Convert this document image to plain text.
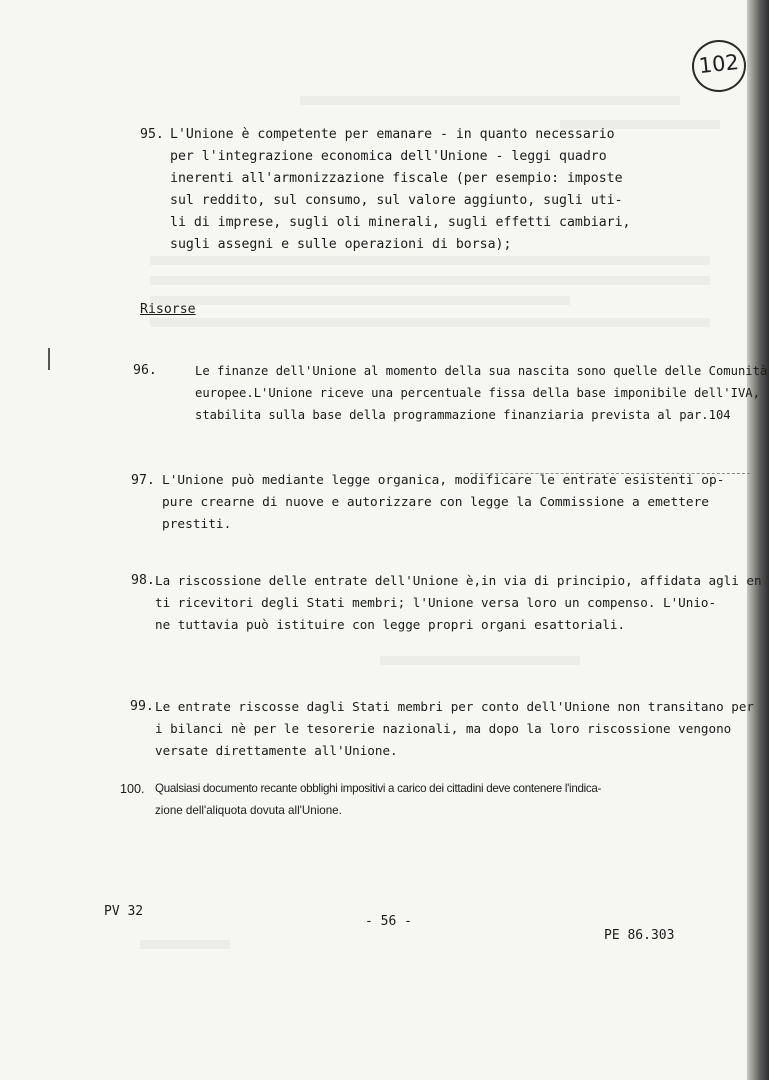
102
95. L'Unione è competente per emanare - in quanto necessario
per l'integrazione economica dell'Unione - leggi quadro
inerenti all'armonizzazione fiscale (per esempio: imposte
sul reddito, sul consumo, sul valore aggiunto, sugli uti-
li di imprese, sugli oli minerali, sugli effetti cambiari,
sugli assegni e sulle operazioni di borsa);
Risorse
96.	Le finanze dell'Unione al momento della sua nascita sono quelle delle Comunità
europee.L'Unione riceve una percentuale fissa della base imponibile dell'IVA,
stabilita sulla base della programmazione finanziaria prevista al par.104
97. L'Unione può mediante legge organica, modificare le entrate esistenti op-
pure crearne di nuove e autorizzare con legge la Commissione a emettere
prestiti.
98. La riscossione delle entrate dell'Unione è,in via di principio, affidata agli en
ti ricevitori degli Stati membri; l'Unione versa loro un compenso. L'Unio-
ne tuttavia può istituire con legge propri organi esattoriali.
99. Le entrate riscosse dagli Stati membri per conto dell'Unione non transitano per
i bilanci nè per le tesorerie nazionali, ma dopo la loro riscossione vengono
versate direttamente all'Unione.
100. Qualsiasi documento recante obblighi impositivi a carico dei cittadini deve contenere l'indica-
zione dell'aliquota dovuta all'Unione.
PV 32
- 56 -
PE 86.303
